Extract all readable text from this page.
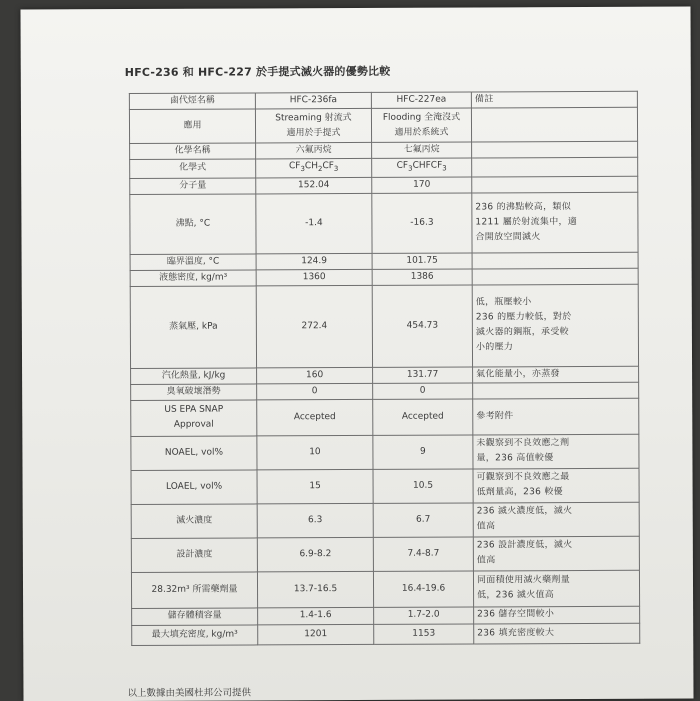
HFC-236 和 HFC-227 於手提式滅火器的優勢比較
鹵代烴名稱	HFC-236fa	HFC-227ea	備註
應用	Streaming 射流式
適用於手提式	Flooding 全淹沒式
適用於系統式	
化學名稱	六氟丙烷	七氟丙烷	
化學式	$CF_3CH_2CF_3$	$CF_3CHFCF_3$	
分子量	152.04	170	
沸點, °C	-1.4	-16.3	236 的沸點較高，類似
1211 屬於射流集中，適
合開放空間滅火
臨界溫度, °C	124.9	101.75	
液態密度, kg/m³	1360	1386	
蒸氣壓, kPa	272.4	454.73	低，瓶壓較小
236 的壓力較低，對於
滅火器的鋼瓶，承受較
小的壓力
汽化熱量, kJ/kg	160	131.77	氣化能量小，亦蒸發
臭氧破壞潛勢	0	0	
US EPA SNAP
Approval	Accepted	Accepted	參考附件
NOAEL, vol%	10	9	未觀察到不良效應之劑
量，236 高值較優
LOAEL, vol%	15	10.5	可觀察到不良效應之最
低劑量高，236 較優
滅火濃度	6.3	6.7	236 滅火濃度低，滅火
值高
設計濃度	6.9-8.2	7.4-8.7	236 設計濃度低，滅火
值高
28.32m³ 所需藥劑量	13.7-16.5	16.4-19.6	同面積使用滅火藥劑量
低，236 滅火值高
儲存體積容量	1.4-1.6	1.7-2.0	236 儲存空間較小
最大填充密度, kg/m³	1201	1153	236 填充密度較大
以上數據由美國杜邦公司提供
